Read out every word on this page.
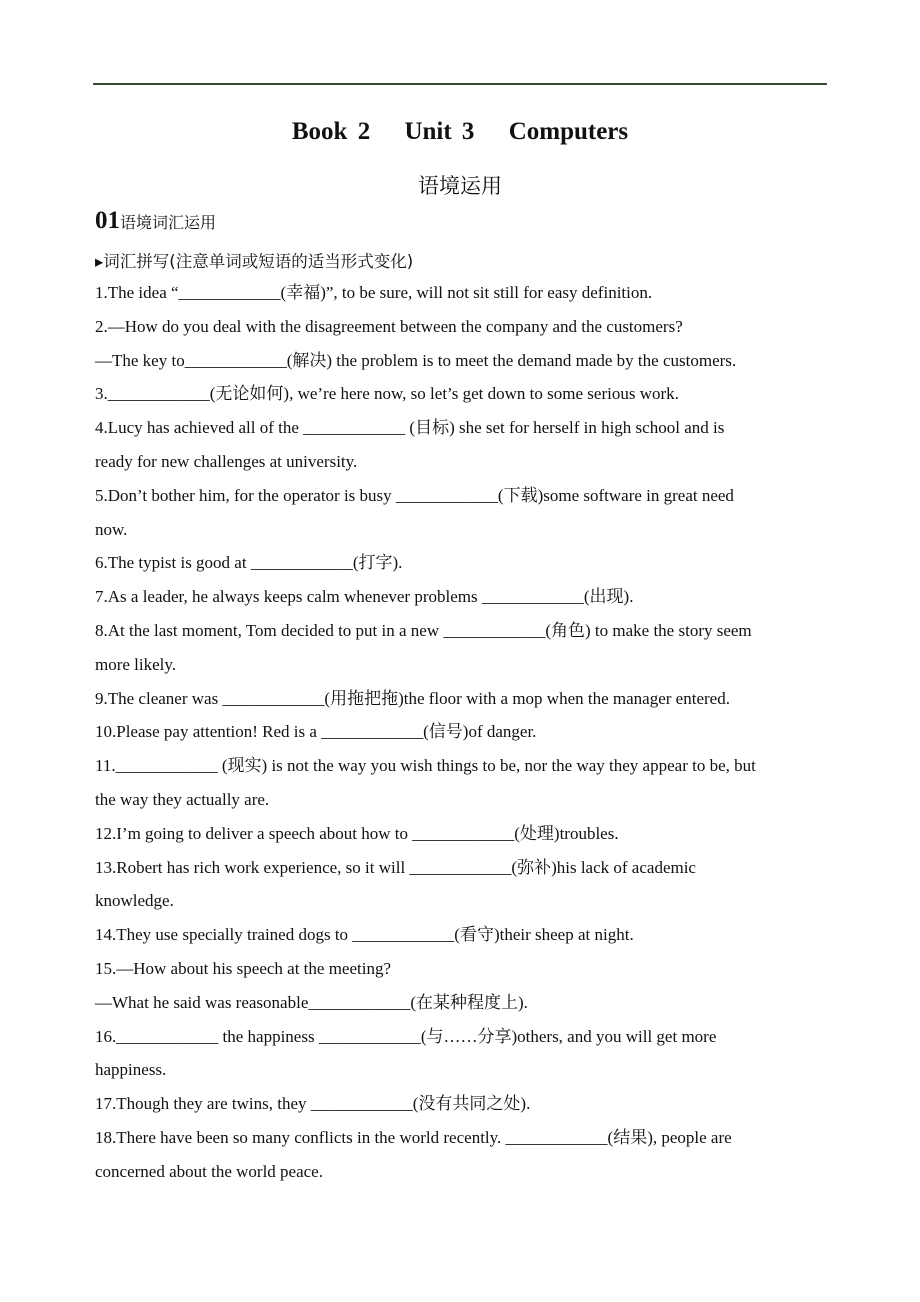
Book 2 Unit 3 Computers
语境运用
01语境词汇运用
▸词汇拼写(注意单词或短语的适当形式变化)
1.The idea “____________(幸福)”, to be sure, will not sit still for easy definition.
2.—How do you deal with the disagreement between the company and the customers?
—The key to____________(解决) the problem is to meet the demand made by the customers.
3.____________(无论如何), we’re here now, so let’s get down to some serious work.
4.Lucy has achieved all of the ____________ (目标) she set for herself in high school and is
ready for new challenges at university.
5.Don’t bother him, for the operator is busy ____________(下载)some software in great need
now.
6.The typist is good at ____________(打字).
7.As a leader, he always keeps calm whenever problems ____________(出现).
8.At the last moment, Tom decided to put in a new ____________(角色) to make the story seem
more likely.
9.The cleaner was ____________(用拖把拖)the floor with a mop when the manager entered.
10.Please pay attention! Red is a ____________(信号)of danger.
11.____________ (现实) is not the way you wish things to be, nor the way they appear to be, but
the way they actually are.
12.I’m going to deliver a speech about how to ____________(处理)troubles.
13.Robert has rich work experience, so it will ____________(弥补)his lack of academic
knowledge.
14.They use specially trained dogs to ____________(看守)their sheep at night.
15.—How about his speech at the meeting?
—What he said was reasonable____________(在某种程度上).
16.____________ the happiness ____________(与……分享)others, and you will get more
happiness.
17.Though they are twins, they ____________(没有共同之处).
18.There have been so many conflicts in the world recently. ____________(结果), people are
concerned about the world peace.
